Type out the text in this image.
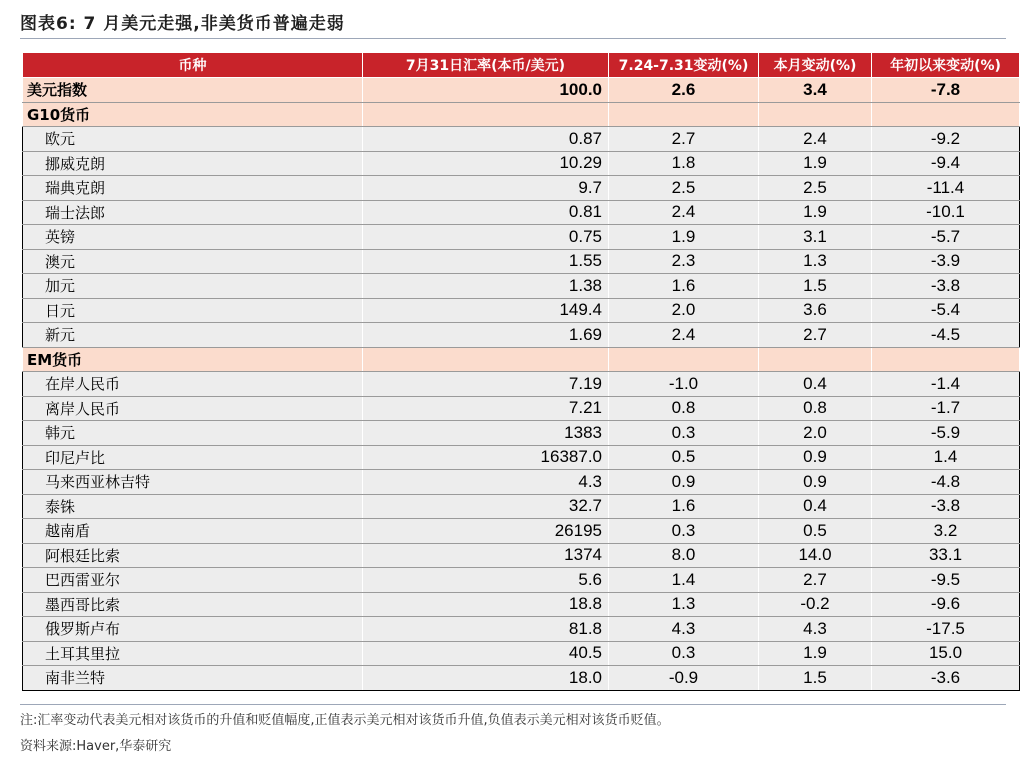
图表6: 7 月美元走强,非美货币普遍走弱
币种	7月31日汇率(本币/美元)	7.24-7.31变动(%)	本月变动(%)	年初以来变动(%)
美元指数	100.0	2.6	3.4	-7.8
G10货币				
欧元	0.87	2.7	2.4	-9.2
挪威克朗	10.29	1.8	1.9	-9.4
瑞典克朗	9.7	2.5	2.5	-11.4
瑞士法郎	0.81	2.4	1.9	-10.1
英镑	0.75	1.9	3.1	-5.7
澳元	1.55	2.3	1.3	-3.9
加元	1.38	1.6	1.5	-3.8
日元	149.4	2.0	3.6	-5.4
新元	1.69	2.4	2.7	-4.5
EM货币				
在岸人民币	7.19	-1.0	0.4	-1.4
离岸人民币	7.21	0.8	0.8	-1.7
韩元	1383	0.3	2.0	-5.9
印尼卢比	16387.0	0.5	0.9	1.4
马来西亚林吉特	4.3	0.9	0.9	-4.8
泰铢	32.7	1.6	0.4	-3.8
越南盾	26195	0.3	0.5	3.2
阿根廷比索	1374	8.0	14.0	33.1
巴西雷亚尔	5.6	1.4	2.7	-9.5
墨西哥比索	18.8	1.3	-0.2	-9.6
俄罗斯卢布	81.8	4.3	4.3	-17.5
土耳其里拉	40.5	0.3	1.9	15.0
南非兰特	18.0	-0.9	1.5	-3.6
注:汇率变动代表美元相对该货币的升值和贬值幅度,正值表示美元相对该货币升值,负值表示美元相对该货币贬值。
资料来源:Haver,华泰研究
